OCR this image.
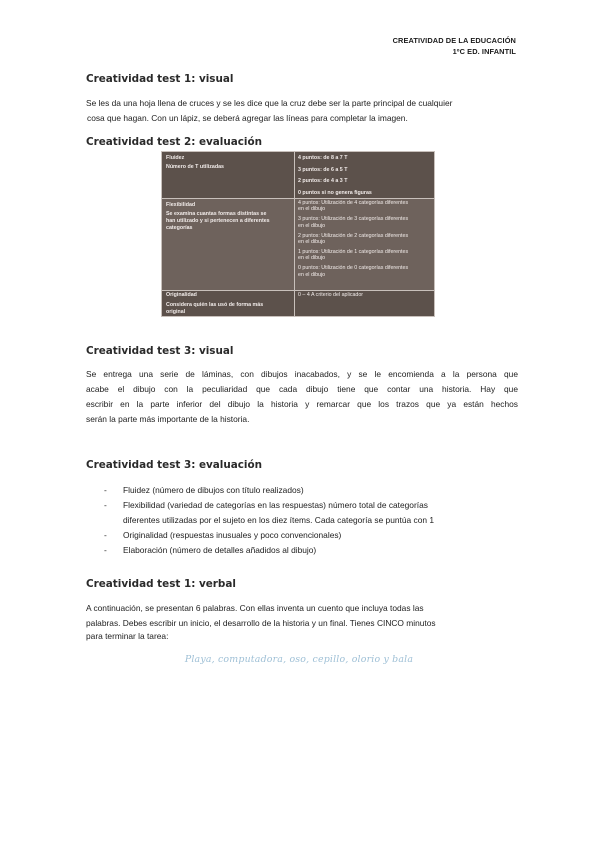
CREATIVIDAD DE LA EDUCACIÓN
1ºC ED. INFANTIL
Creatividad test 1: visual

Se les da una hoja llena de cruces y se les dice que la cruz debe ser la parte principal de cualquier
cosa que hagan. Con un lápiz, se deberá agregar las líneas para completar la imagen.

Creatividad test 2: evaluación
Fluidez
Número de T utilizadas
4 puntos: de 8 a 7 T
3 puntos: de 6 a 5 T
2 puntos: de 4 a 3 T
0 puntos si no genera figuras
Flexibilidad
Se examina cuantas formas distintas se
han utilizado y si pertenecen a diferentes
categorías
4 puntos: Utilización de 4 categorías diferentes
en el dibujo
3 puntos: Utilización de 3 categorías diferentes
en el dibujo
2 puntos: Utilización de 2 categorías diferentes
en el dibujo
1 puntos: Utilización de 1 categorías diferentes
en el dibujo
0 puntos: Utilización de 0 categorías diferentes
en el dibujo
Originalidad
Considera quién las usó de forma más
original
0 – 4 A criterio del aplicador
Creatividad test 3: visual

Se entrega una serie de láminas, con dibujos inacabados, y se le encomienda a la persona que
acabe el dibujo con la peculiaridad que cada dibujo tiene que contar una historia. Hay que
escribir en la parte inferior del dibujo la historia y remarcar que los trazos que ya están hechos
serán la parte más importante de la historia.

Creatividad test 3: evaluación
- Fluidez (número de dibujos con título realizados)
- Flexibilidad (variedad de categorías en las respuestas) número total de categorías
diferentes utilizadas por el sujeto en los diez ítems. Cada categoría se puntúa con 1
- Originalidad (respuestas inusuales y poco convencionales)
- Elaboración (número de detalles añadidos al dibujo)
Creatividad test 1: verbal

A continuación, se presentan 6 palabras. Con ellas inventa un cuento que incluya todas las
palabras. Debes escribir un inicio, el desarrollo de la historia y un final. Tienes CINCO minutos
para terminar la tarea:

Playa, computadora, oso, cepillo, olorio y bala
